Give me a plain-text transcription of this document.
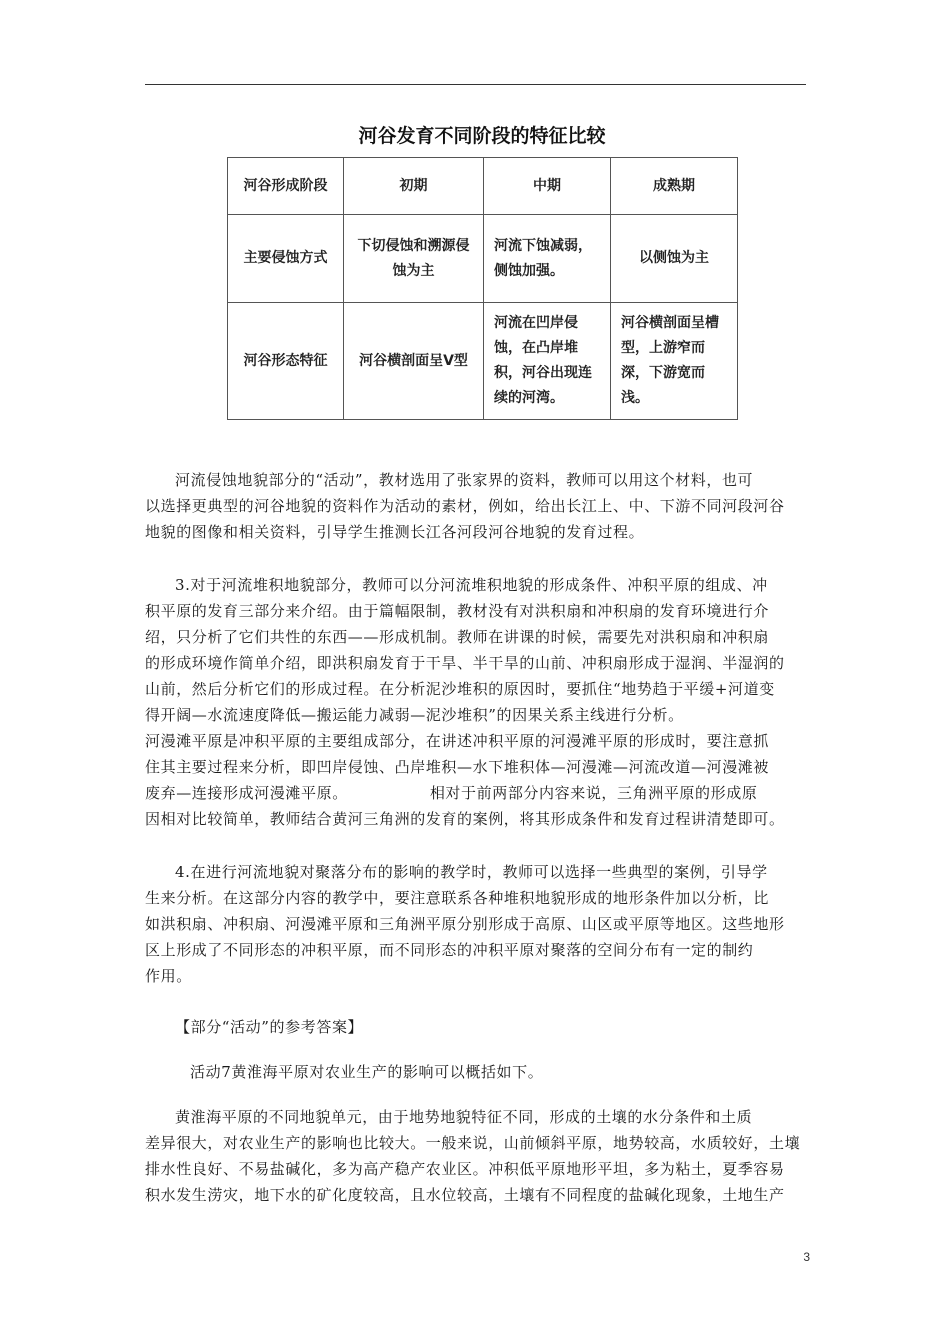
河谷发育不同阶段的特征比较
河谷形成阶段	初期	中期	成熟期
主要侵蚀方式	下切侵蚀和溯源侵蚀为主	河流下蚀减弱，侧蚀加强。	以侧蚀为主
河谷形态特征	河谷横剖面呈V型	河流在凹岸侵蚀，在凸岸堆积，河谷出现连续的河湾。	河谷横剖面呈槽型，上游窄而深，下游宽而浅。
河流侵蚀地貌部分的“活动”，教材选用了张家界的资料，教师可以用这个材料，也可
以选择更典型的河谷地貌的资料作为活动的素材，例如，给出长江上、中、下游不同河段河谷
地貌的图像和相关资料，引导学生推测长江各河段河谷地貌的发育过程。
3.对于河流堆积地貌部分，教师可以分河流堆积地貌的形成条件、冲积平原的组成、冲
积平原的发育三部分来介绍。由于篇幅限制，教材没有对洪积扇和冲积扇的发育环境进行介
绍，只分析了它们共性的东西——形成机制。教师在讲课的时候，需要先对洪积扇和冲积扇
的形成环境作简单介绍，即洪积扇发育于干旱、半干旱的山前、冲积扇形成于湿润、半湿润的
山前，然后分析它们的形成过程。在分析泥沙堆积的原因时，要抓住“地势趋于平缓+河道变
得开阔—水流速度降低—搬运能力减弱—泥沙堆积”的因果关系主线进行分析。
河漫滩平原是冲积平原的主要组成部分，在讲述冲积平原的河漫滩平原的形成时，要注意抓
住其主要过程来分析，即凹岸侵蚀、凸岸堆积—水下堆积体—河漫滩—河流改道—河漫滩被
废弃—连接形成河漫滩平原。	相对于前两部分内容来说，三角洲平原的形成原
因相对比较简单，教师结合黄河三角洲的发育的案例，将其形成条件和发育过程讲清楚即可。
4.在进行河流地貌对聚落分布的影响的教学时，教师可以选择一些典型的案例，引导学
生来分析。在这部分内容的教学中，要注意联系各种堆积地貌形成的地形条件加以分析，比
如洪积扇、冲积扇、河漫滩平原和三角洲平原分别形成于高原、山区或平原等地区。这些地形
区上形成了不同形态的冲积平原，而不同形态的冲积平原对聚落的空间分布有一定的制约
作用。
【部分“活动”的参考答案】
活动7黄淮海平原对农业生产的影响可以概括如下。
黄淮海平原的不同地貌单元，由于地势地貌特征不同，形成的土壤的水分条件和土质
差异很大，对农业生产的影响也比较大。一般来说，山前倾斜平原，地势较高，水质较好，土壤
排水性良好、不易盐碱化，多为高产稳产农业区。冲积低平原地形平坦，多为粘土，夏季容易
积水发生涝灾，地下水的矿化度较高，且水位较高，土壤有不同程度的盐碱化现象，土地生产
3
